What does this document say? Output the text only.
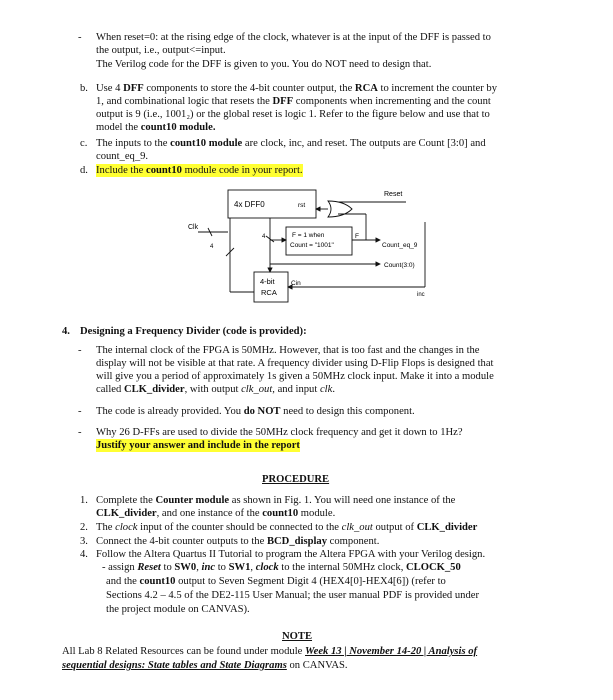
- When reset=0: at the rising edge of the clock, whatever is at the input of the DFF is passed to
the output, i.e., output<=input.
The Verilog code for the DFF is given to you. You do NOT need to design that.
b. Use 4 DFF components to store the 4-bit counter output, the RCA to increment the counter by
1, and combinational logic that resets the DFF components when incrementing and the count
output is 9 (i.e., 1001₂) or the global reset is logic 1. Refer to the figure below and use that to
model the count10 module.
c. The inputs to the count10 module are clock, inc, and reset. The outputs are Count [3:0] and
count_eq_9.
d. Include the count10 module code in your report.
4x DFF0	rst
Reset
Clk
4
4	F = 1 when
Count = "1001"
F
Count_eq_9
Count(3:0)
4-bit
RCA
Cin
inc
4. Designing a Frequency Divider (code is provided):
- The internal clock of the FPGA is 50MHz. However, that is too fast and the changes in the
display will not be visible at that rate. A frequency divider using D-Flip Flops is designed that
will give you a period of approximately 1s given a 50MHz clock input. Make it into a module
called CLK_divider, with output clk_out, and input clk.
- The code is already provided. You do NOT need to design this component.
- Why 26 D-FFs are used to divide the 50MHz clock frequency and get it down to 1Hz?
Justify your answer and include in the report
PROCEDURE
1. Complete the Counter module as shown in Fig. 1. You will need one instance of the
CLK_divider, and one instance of the count10 module.
2. The clock input of the counter should be connected to the clk_out output of CLK_divider
3. Connect the 4-bit counter outputs to the BCD_display component.
4. Follow the Altera Quartus II Tutorial to program the Altera FPGA with your Verilog design.
- assign Reset to SW0, inc to SW1, clock to the internal 50MHz clock, CLOCK_50
and the count10 output to Seven Segment Digit 4 (HEX4[0]-HEX4[6]) (refer to
Sections 4.2 – 4.5 of the DE2-115 User Manual; the user manual PDF is provided under
the project module on CANVAS).
NOTE
All Lab 8 Related Resources can be found under module Week 13 | November 14-20 | Analysis of
sequential designs: State tables and State Diagrams on CANVAS.
